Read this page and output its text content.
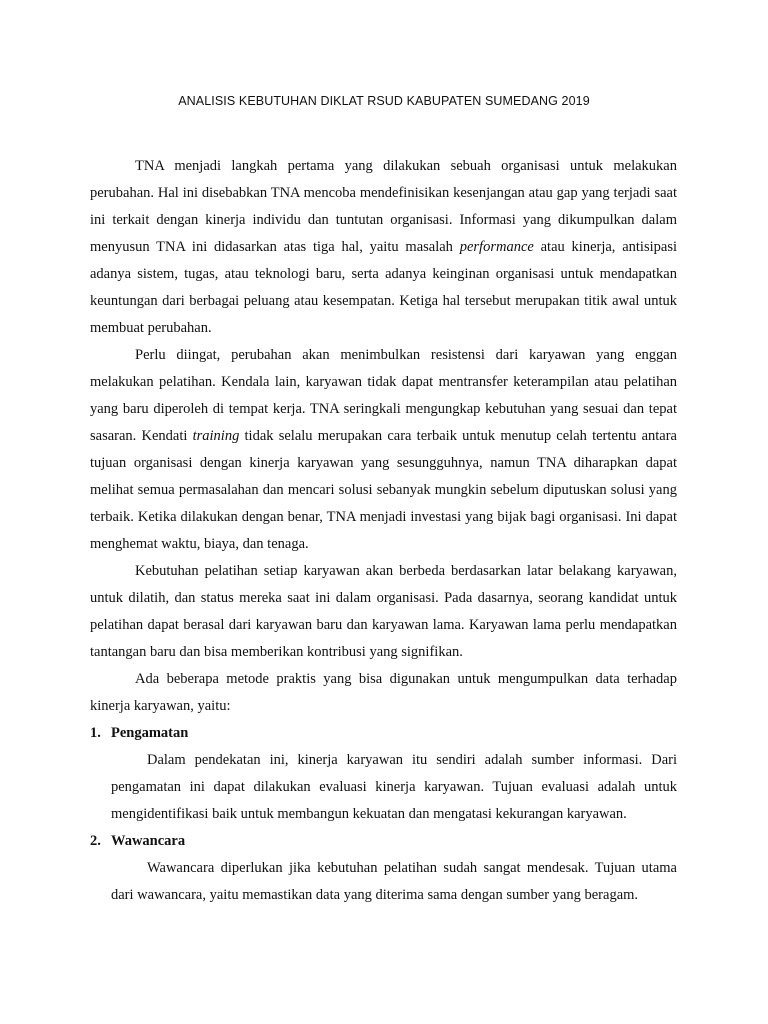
ANALISIS KEBUTUHAN DIKLAT RSUD KABUPATEN SUMEDANG 2019

TNA menjadi langkah pertama yang dilakukan sebuah organisasi untuk melakukan perubahan. Hal ini disebabkan TNA mencoba mendefinisikan kesenjangan atau gap yang terjadi saat ini terkait dengan kinerja individu dan tuntutan organisasi. Informasi yang dikumpulkan dalam menyusun TNA ini didasarkan atas tiga hal, yaitu masalah performance atau kinerja, antisipasi adanya sistem, tugas, atau teknologi baru, serta adanya keinginan organisasi untuk mendapatkan keuntungan dari berbagai peluang atau kesempatan. Ketiga hal tersebut merupakan titik awal untuk membuat perubahan.

Perlu diingat, perubahan akan menimbulkan resistensi dari karyawan yang enggan melakukan pelatihan. Kendala lain, karyawan tidak dapat mentransfer keterampilan atau pelatihan yang baru diperoleh di tempat kerja. TNA seringkali mengungkap kebutuhan yang sesuai dan tepat sasaran. Kendati training tidak selalu merupakan cara terbaik untuk menutup celah tertentu antara tujuan organisasi dengan kinerja karyawan yang sesungguhnya, namun TNA diharapkan dapat melihat semua permasalahan dan mencari solusi sebanyak mungkin sebelum diputuskan solusi yang terbaik. Ketika dilakukan dengan benar, TNA menjadi investasi yang bijak bagi organisasi. Ini dapat menghemat waktu, biaya, dan tenaga.

Kebutuhan pelatihan setiap karyawan akan berbeda berdasarkan latar belakang karyawan, untuk dilatih, dan status mereka saat ini dalam organisasi. Pada dasarnya, seorang kandidat untuk pelatihan dapat berasal dari karyawan baru dan karyawan lama. Karyawan lama perlu mendapatkan tantangan baru dan bisa memberikan kontribusi yang signifikan.

Ada beberapa metode praktis yang bisa digunakan untuk mengumpulkan data terhadap kinerja karyawan, yaitu:

1. Pengamatan

Dalam pendekatan ini, kinerja karyawan itu sendiri adalah sumber informasi. Dari pengamatan ini dapat dilakukan evaluasi kinerja karyawan. Tujuan evaluasi adalah untuk mengidentifikasi baik untuk membangun kekuatan dan mengatasi kekurangan karyawan.

2. Wawancara

Wawancara diperlukan jika kebutuhan pelatihan sudah sangat mendesak. Tujuan utama dari wawancara, yaitu memastikan data yang diterima sama dengan sumber yang beragam.
